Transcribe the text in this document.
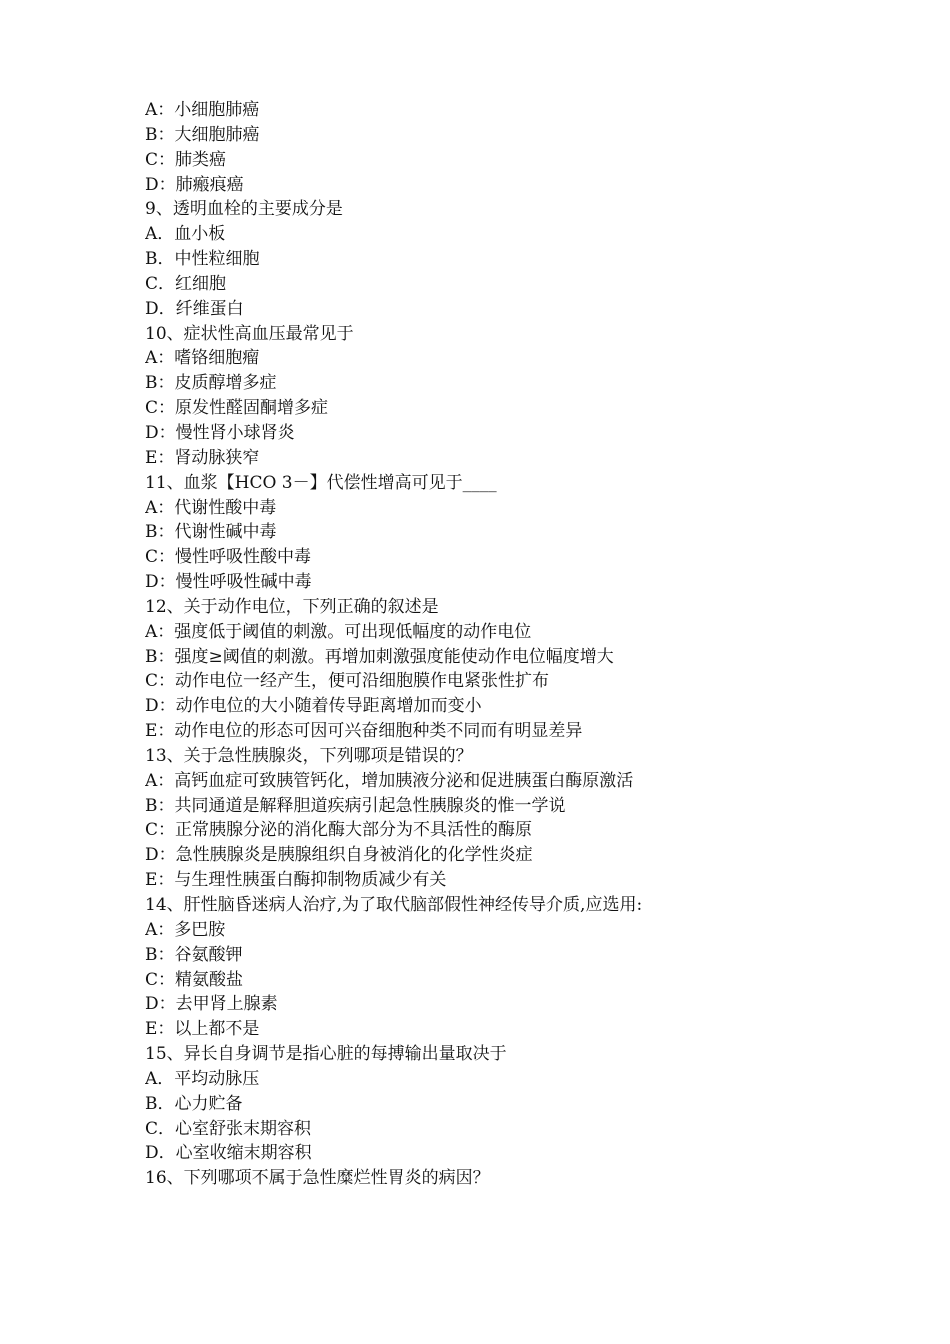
A：小细胞肺癌
B：大细胞肺癌
C：肺类癌
D：肺瘢痕癌
9、透明血栓的主要成分是
A．血小板
B．中性粒细胞
C．红细胞
D．纤维蛋白
10、症状性高血压最常见于
A：嗜铬细胞瘤
B：皮质醇增多症
C：原发性醛固酮增多症
D：慢性肾小球肾炎
E：肾动脉狭窄
11、血浆【HCO 3－】代偿性增高可见于____
A：代谢性酸中毒
B：代谢性碱中毒
C：慢性呼吸性酸中毒
D：慢性呼吸性碱中毒
12、关于动作电位，下列正确的叙述是
A：强度低于阈值的刺激。可出现低幅度的动作电位
B：强度≥阈值的刺激。再增加刺激强度能使动作电位幅度增大
C：动作电位一经产生，便可沿细胞膜作电紧张性扩布
D：动作电位的大小随着传导距离增加而变小
E：动作电位的形态可因可兴奋细胞种类不同而有明显差异
13、关于急性胰腺炎，下列哪项是错误的？
A：高钙血症可致胰管钙化，增加胰液分泌和促进胰蛋白酶原激活
B：共同通道是解释胆道疾病引起急性胰腺炎的惟一学说
C：正常胰腺分泌的消化酶大部分为不具活性的酶原
D：急性胰腺炎是胰腺组织自身被消化的化学性炎症
E：与生理性胰蛋白酶抑制物质减少有关
14、肝性脑昏迷病人治疗,为了取代脑部假性神经传导介质,应选用:
A：多巴胺
B：谷氨酸钾
C：精氨酸盐
D：去甲肾上腺素
E：以上都不是
15、异长自身调节是指心脏的每搏输出量取决于
A．平均动脉压
B．心力贮备
C．心室舒张末期容积
D．心室收缩末期容积
16、下列哪项不属于急性糜烂性胃炎的病因？
